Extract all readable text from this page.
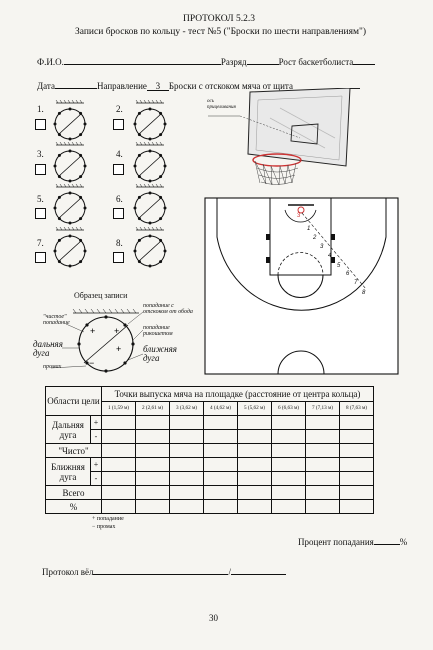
ПРОТОКОЛ 5.2.3
Записи бросков по кольцу - тест №5 ("Броски по шести направлениям")
Ф.И.О.	Разряд	Рост баскетболиста
Дата	Направление 3 Броски с отскоком мяча от щита
1.	2.
3.	4.
5.	6.
7.	8.
Образец записи
+ +
+
−
"чистое"
попадание
попадание с
отскоком от обода
попадание
рикошетом
дальняя
дуга	ближняя
дуга
промах
ось
прицеливания
1
2
3
4
5
6
7
8
3
Области цели		Точки выпуска мяча на площадке (расстояние от центра кольца)							
		1 (1,59 м)	2 (2,61 м)	3 (3,62 м)	4 (4,62 м)	5 (5,62 м)	6 (6,63 м)	7 (7,13 м)	8 (7,63 м)
Дальняя дуга	+								
	-								
"Чисто"									
Ближняя дуга	+								
	-								
Всего									
%									
+ попадание
− промах
Процент попадания	%
Протокол вёл	/
30
